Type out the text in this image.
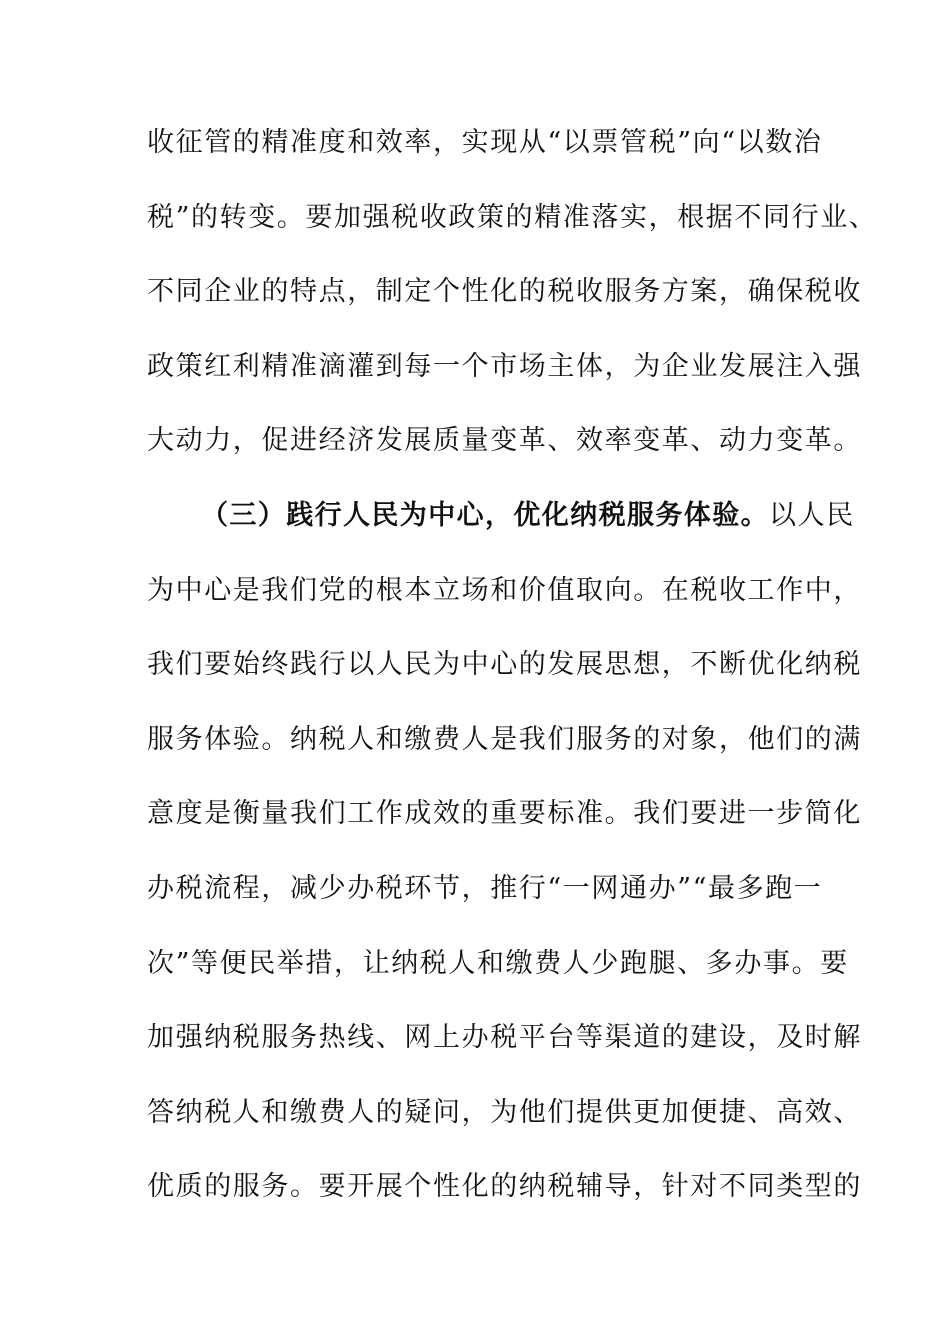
收征管的精准度和效率，实现从“以票管税”向“以数治
税”的转变。要加强税收政策的精准落实，根据不同行业、
不同企业的特点，制定个性化的税收服务方案，确保税收
政策红利精准滴灌到每一个市场主体，为企业发展注入强
大动力，促进经济发展质量变革、效率变革、动力变革。
（三）践行人民为中心，优化纳税服务体验。以人民
为中心是我们党的根本立场和价值取向。在税收工作中，
我们要始终践行以人民为中心的发展思想，不断优化纳税
服务体验。纳税人和缴费人是我们服务的对象，他们的满
意度是衡量我们工作成效的重要标准。我们要进一步简化
办税流程，减少办税环节，推行“一网通办”“最多跑一
次”等便民举措，让纳税人和缴费人少跑腿、多办事。要
加强纳税服务热线、网上办税平台等渠道的建设，及时解
答纳税人和缴费人的疑问，为他们提供更加便捷、高效、
优质的服务。要开展个性化的纳税辅导，针对不同类型的
